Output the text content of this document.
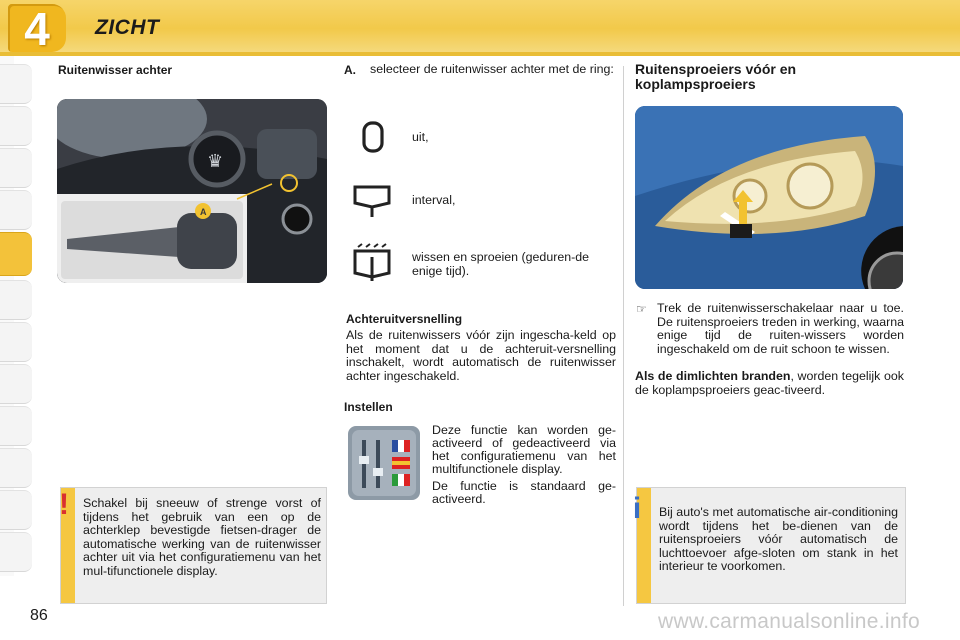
4	ZICHT
Ruitenwisser achter
♛
A
Schakel bij sneeuw of strenge vorst of tijdens het gebruik van een op de achterklep bevestigde fietsen-drager de automatische werking van de ruitenwisser achter uit via het configuratiemenu van het mul-tifunctionele display.
!
A. selecteer de ruitenwisser achter met de ring:
uit,
interval,
wissen en sproeien (geduren-de enige tijd).
Achteruitversnelling
Als de ruitenwissers vóór zijn ingescha-keld op het moment dat u de achteruit-versnelling inschakelt, wordt automatisch de ruitenwisser achter ingeschakeld.
Instellen
Deze functie kan worden ge-activeerd of gedeactiveerd via het configuratiemenu van het multifunctionele display.
De functie is standaard ge-activeerd.
Ruitensproeiers vóór en koplampsproeiers
☞ Trek de ruitenwisserschakelaar naar u toe. De ruitensproeiers treden in werking, waarna enige tijd de ruiten-wissers worden ingeschakeld om de ruit schoon te wissen.
Als de dimlichten branden, worden tegelijk ook de koplampsproeiers geac-tiveerd.
Bij auto's met automatische air-conditioning wordt tijdens het be-dienen van de ruitensproeiers vóór automatisch de luchttoevoer afge-sloten om stank in het interieur te voorkomen.
i
86	www.carmanualsonline.info
